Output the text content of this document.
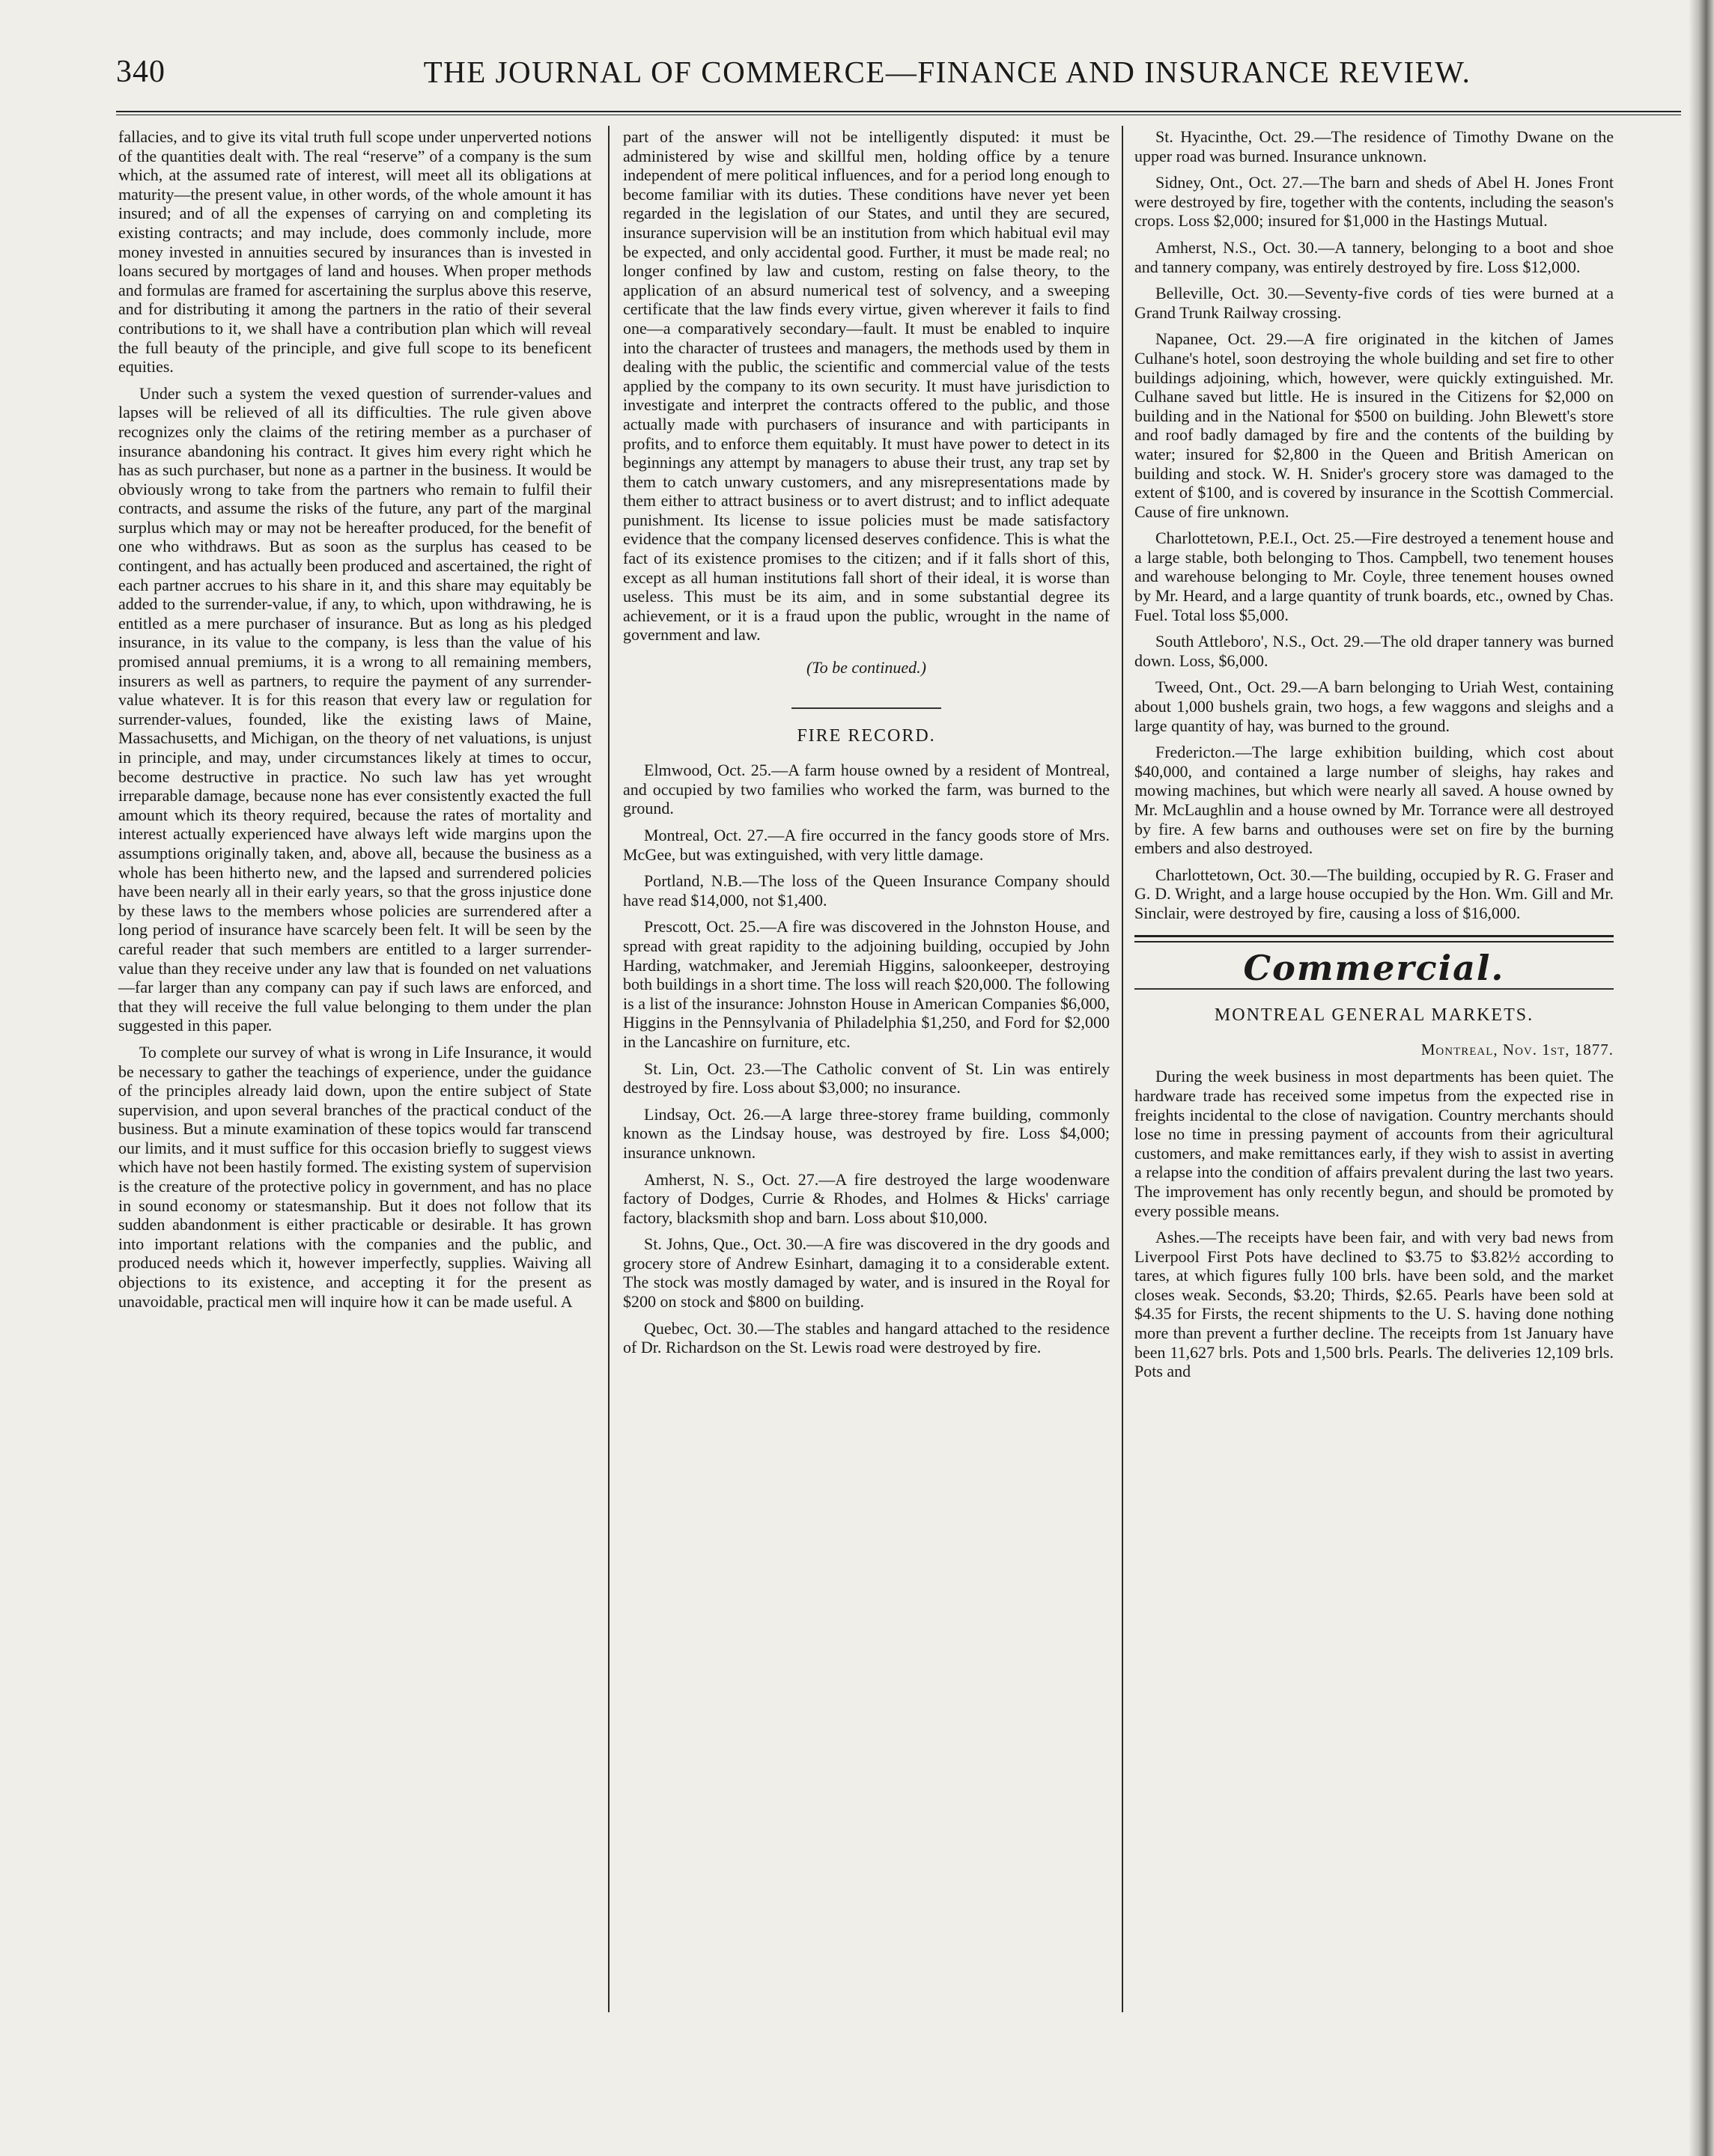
340	THE JOURNAL OF COMMERCE—FINANCE AND INSURANCE REVIEW.

fallacies, and to give its vital truth full scope under unperverted notions of the quantities dealt with. The real “reserve” of a company is the sum which, at the assumed rate of interest, will meet all its obligations at maturity—the present value, in other words, of the whole amount it has insured; and of all the expenses of carrying on and completing its existing contracts; and may include, does commonly include, more money invested in annuities secured by insurances than is invested in loans secured by mortgages of land and houses. When proper methods and formulas are framed for ascertaining the surplus above this reserve, and for distributing it among the partners in the ratio of their several contributions to it, we shall have a contribution plan which will reveal the full beauty of the principle, and give full scope to its beneficent equities.

Under such a system the vexed question of surrender-values and lapses will be relieved of all its difficulties. The rule given above recognizes only the claims of the retiring member as a purchaser of insurance abandoning his contract. It gives him every right which he has as such purchaser, but none as a partner in the business. It would be obviously wrong to take from the partners who remain to fulfil their contracts, and assume the risks of the future, any part of the marginal surplus which may or may not be hereafter produced, for the benefit of one who withdraws. But as soon as the surplus has ceased to be contingent, and has actually been produced and ascertained, the right of each partner accrues to his share in it, and this share may equitably be added to the surrender-value, if any, to which, upon withdrawing, he is entitled as a mere purchaser of insurance. But as long as his pledged insurance, in its value to the company, is less than the value of his promised annual premiums, it is a wrong to all remaining members, insurers as well as partners, to require the payment of any surrender-value whatever. It is for this reason that every law or regulation for surrender-values, founded, like the existing laws of Maine, Massachusetts, and Michigan, on the theory of net valuations, is unjust in principle, and may, under circumstances likely at times to occur, become destructive in practice. No such law has yet wrought irreparable damage, because none has ever consistently exacted the full amount which its theory required, because the rates of mortality and interest actually experienced have always left wide margins upon the assumptions originally taken, and, above all, because the business as a whole has been hitherto new, and the lapsed and surrendered policies have been nearly all in their early years, so that the gross injustice done by these laws to the members whose policies are surrendered after a long period of insurance have scarcely been felt. It will be seen by the careful reader that such members are entitled to a larger surrender-value than they receive under any law that is founded on net valuations—far larger than any company can pay if such laws are enforced, and that they will receive the full value belonging to them under the plan suggested in this paper.

To complete our survey of what is wrong in Life Insurance, it would be necessary to gather the teachings of experience, under the guidance of the principles already laid down, upon the entire subject of State supervision, and upon several branches of the practical conduct of the business. But a minute examination of these topics would far transcend our limits, and it must suffice for this occasion briefly to suggest views which have not been hastily formed. The existing system of supervision is the creature of the protective policy in government, and has no place in sound economy or statesmanship. But it does not follow that its sudden abandonment is either practicable or desirable. It has grown into important relations with the companies and the public, and produced needs which it, however imperfectly, supplies. Waiving all objections to its existence, and accepting it for the present as unavoidable, practical men will inquire how it can be made useful. A

part of the answer will not be intelligently disputed: it must be administered by wise and skillful men, holding office by a tenure independent of mere political influences, and for a period long enough to become familiar with its duties. These conditions have never yet been regarded in the legislation of our States, and until they are secured, insurance supervision will be an institution from which habitual evil may be expected, and only accidental good. Further, it must be made real; no longer confined by law and custom, resting on false theory, to the application of an absurd numerical test of solvency, and a sweeping certificate that the law finds every virtue, given wherever it fails to find one—a comparatively secondary—fault. It must be enabled to inquire into the character of trustees and managers, the methods used by them in dealing with the public, the scientific and commercial value of the tests applied by the company to its own security. It must have jurisdiction to investigate and interpret the contracts offered to the public, and those actually made with purchasers of insurance and with participants in profits, and to enforce them equitably. It must have power to detect in its beginnings any attempt by managers to abuse their trust, any trap set by them to catch unwary customers, and any misrepresentations made by them either to attract business or to avert distrust; and to inflict adequate punishment. Its license to issue policies must be made satisfactory evidence that the company licensed deserves confidence. This is what the fact of its existence promises to the citizen; and if it falls short of this, except as all human institutions fall short of their ideal, it is worse than useless. This must be its aim, and in some substantial degree its achievement, or it is a fraud upon the public, wrought in the name of government and law.

(To be continued.)
FIRE RECORD.

Elmwood, Oct. 25.—A farm house owned by a resident of Montreal, and occupied by two families who worked the farm, was burned to the ground.

Montreal, Oct. 27.—A fire occurred in the fancy goods store of Mrs. McGee, but was extinguished, with very little damage.

Portland, N.B.—The loss of the Queen Insurance Company should have read $14,000, not $1,400.

Prescott, Oct. 25.—A fire was discovered in the Johnston House, and spread with great rapidity to the adjoining building, occupied by John Harding, watchmaker, and Jeremiah Higgins, saloonkeeper, destroying both buildings in a short time. The loss will reach $20,000. The following is a list of the insurance: Johnston House in American Companies $6,000, Higgins in the Pennsylvania of Philadelphia $1,250, and Ford for $2,000 in the Lancashire on furniture, etc.

St. Lin, Oct. 23.—The Catholic convent of St. Lin was entirely destroyed by fire. Loss about $3,000; no insurance.

Lindsay, Oct. 26.—A large three-storey frame building, commonly known as the Lindsay house, was destroyed by fire. Loss $4,000; insurance unknown.

Amherst, N. S., Oct. 27.—A fire destroyed the large woodenware factory of Dodges, Currie & Rhodes, and Holmes & Hicks' carriage factory, blacksmith shop and barn. Loss about $10,000.

St. Johns, Que., Oct. 30.—A fire was discovered in the dry goods and grocery store of Andrew Esinhart, damaging it to a considerable extent. The stock was mostly damaged by water, and is insured in the Royal for $200 on stock and $800 on building.

Quebec, Oct. 30.—The stables and hangard attached to the residence of Dr. Richardson on the St. Lewis road were destroyed by fire.

St. Hyacinthe, Oct. 29.—The residence of Timothy Dwane on the upper road was burned. Insurance unknown.

Sidney, Ont., Oct. 27.—The barn and sheds of Abel H. Jones Front were destroyed by fire, together with the contents, including the season's crops. Loss $2,000; insured for $1,000 in the Hastings Mutual.

Amherst, N.S., Oct. 30.—A tannery, belonging to a boot and shoe and tannery company, was entirely destroyed by fire. Loss $12,000.

Belleville, Oct. 30.—Seventy-five cords of ties were burned at a Grand Trunk Railway crossing.

Napanee, Oct. 29.—A fire originated in the kitchen of James Culhane's hotel, soon destroying the whole building and set fire to other buildings adjoining, which, however, were quickly extinguished. Mr. Culhane saved but little. He is insured in the Citizens for $2,000 on building and in the National for $500 on building. John Blewett's store and roof badly damaged by fire and the contents of the building by water; insured for $2,800 in the Queen and British American on building and stock. W. H. Snider's grocery store was damaged to the extent of $100, and is covered by insurance in the Scottish Commercial. Cause of fire unknown.

Charlottetown, P.E.I., Oct. 25.—Fire destroyed a tenement house and a large stable, both belonging to Thos. Campbell, two tenement houses and warehouse belonging to Mr. Coyle, three tenement houses owned by Mr. Heard, and a large quantity of trunk boards, etc., owned by Chas. Fuel. Total loss $5,000.

South Attleboro', N.S., Oct. 29.—The old draper tannery was burned down. Loss, $6,000.

Tweed, Ont., Oct. 29.—A barn belonging to Uriah West, containing about 1,000 bushels grain, two hogs, a few waggons and sleighs and a large quantity of hay, was burned to the ground.

Fredericton.—The large exhibition building, which cost about $40,000, and contained a large number of sleighs, hay rakes and mowing machines, but which were nearly all saved. A house owned by Mr. McLaughlin and a house owned by Mr. Torrance were all destroyed by fire. A few barns and outhouses were set on fire by the burning embers and also destroyed.

Charlottetown, Oct. 30.—The building, occupied by R. G. Fraser and G. D. Wright, and a large house occupied by the Hon. Wm. Gill and Mr. Sinclair, were destroyed by fire, causing a loss of $16,000.

Commercial.
MONTREAL GENERAL MARKETS.
Montreal, Nov. 1st, 1877.

During the week business in most departments has been quiet. The hardware trade has received some impetus from the expected rise in freights incidental to the close of navigation. Country merchants should lose no time in pressing payment of accounts from their agricultural customers, and make remittances early, if they wish to assist in averting a relapse into the condition of affairs prevalent during the last two years. The improvement has only recently begun, and should be promoted by every possible means.

Ashes.—The receipts have been fair, and with very bad news from Liverpool First Pots have declined to $3.75 to $3.82½ according to tares, at which figures fully 100 brls. have been sold, and the market closes weak. Seconds, $3.20; Thirds, $2.65. Pearls have been sold at $4.35 for Firsts, the recent shipments to the U. S. having done nothing more than prevent a further decline. The receipts from 1st January have been 11,627 brls. Pots and 1,500 brls. Pearls. The deliveries 12,109 brls. Pots and
